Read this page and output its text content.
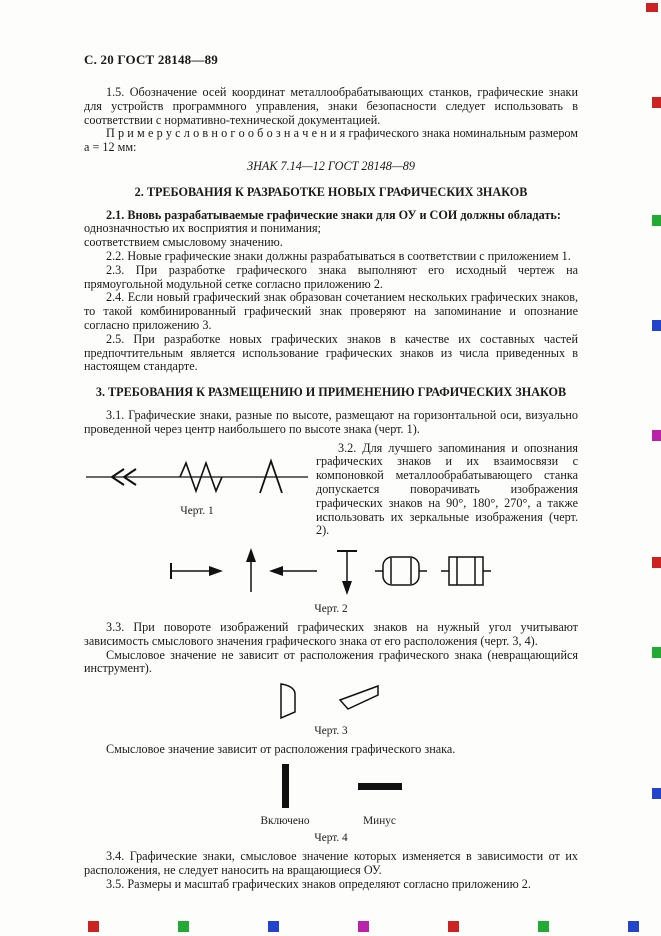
С. 20 ГОСТ 28148—89

1.5. Обозначение осей координат металлообрабатывающих станков, графические знаки для устройств программного управления, знаки безопасности следует использовать в соответствии с нормативно-технической документацией.

П р и м е р у с л о в н о г о о б о з н а ч е н и я графического знака номинальным размером а = 12 мм:

ЗНАК 7.14—12 ГОСТ 28148—89

2. ТРЕБОВАНИЯ К РАЗРАБОТКЕ НОВЫХ ГРАФИЧЕСКИХ ЗНАКОВ

2.1. Вновь разрабатываемые графические знаки для ОУ и СОИ должны обладать:

однозначностью их восприятия и понимания;

соответствием смысловому значению.

2.2. Новые графические знаки должны разрабатываться в соответствии с приложением 1.

2.3. При разработке графического знака выполняют его исходный чертеж на прямоугольной модульной сетке согласно приложению 2.

2.4. Если новый графический знак образован сочетанием нескольких графических знаков, то такой комбинированный графический знак проверяют на запоминание и опознание согласно приложению 3.

2.5. При разработке новых графических знаков в качестве их составных частей предпочтительным является использование графических знаков из числа приведенных в настоящем стандарте.

3. ТРЕБОВАНИЯ К РАЗМЕЩЕНИЮ И ПРИМЕНЕНИЮ ГРАФИЧЕСКИХ ЗНАКОВ

3.1. Графические знаки, разные по высоте, размещают на горизонтальной оси, визуально проведенной через центр наибольшего по высоте знака (черт. 1).

Черт. 1

3.2. Для лучшего запоминания и опознания графических знаков и их взаимосвязи с компоновкой металлообрабатывающего станка допускается поворачивать изображения графических знаков на 90°, 180°, 270°, а также использовать их зеркальные изображения (черт. 2).

Черт. 2

3.3. При повороте изображений графических знаков на нужный угол учитывают зависимость смыслового значения графического знака от его расположения (черт. 3, 4).

Смысловое значение не зависит от расположения графического знака (невращающийся инструмент).

Черт. 3

Смысловое значение зависит от расположения графического знака.

Включено	Минус
Черт. 4

3.4. Графические знаки, смысловое значение которых изменяется в зависимости от их расположения, не следует наносить на вращающиеся ОУ.

3.5. Размеры и масштаб графических знаков определяют согласно приложению 2.
